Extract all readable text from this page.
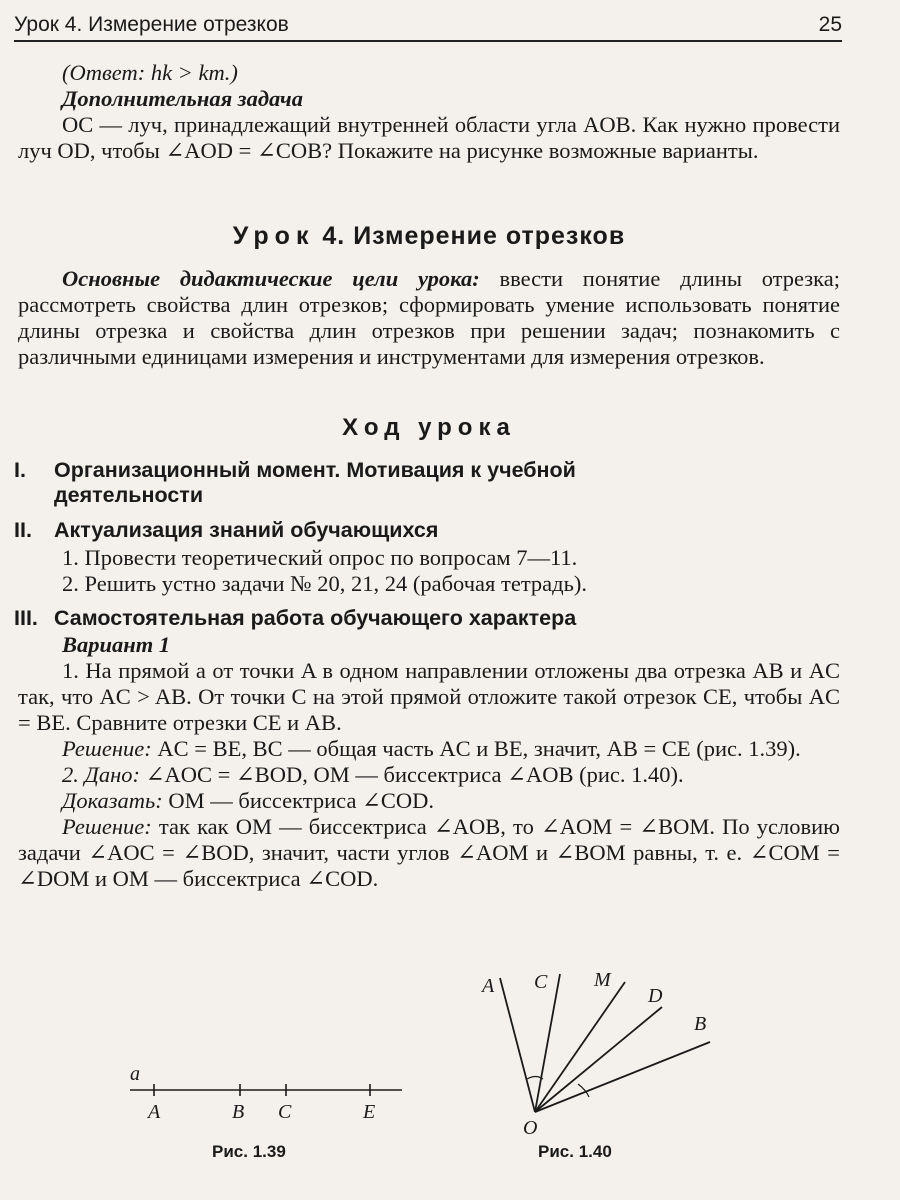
Урок 4. Измерение отрезков	25
(Ответ: hk > km.)
Дополнительная задача
OC — луч, принадлежащий внутренней области угла AOB. Как нужно провести луч OD, чтобы ∠AOD = ∠COB? Покажите на рисунке возможные варианты.
Урок 4. Измерение отрезков
Основные дидактические цели урока: ввести понятие длины отрезка; рассмотреть свойства длин отрезков; сформировать умение использовать понятие длины отрезка и свойства длин отрезков при решении задач; познакомить с различными единицами измерения и инструментами для измерения отрезков.
Ход урока
I. Организационный момент. Мотивация к учебной
деятельности
II. Актуализация знаний обучающихся
1. Провести теоретический опрос по вопросам 7—11.
2. Решить устно задачи № 20, 21, 24 (рабочая тетрадь).
III. Самостоятельная работа обучающего характера
Вариант 1
1. На прямой a от точки A в одном направлении отложены два отрезка AB и AC так, что AC > AB. От точки C на этой прямой отложите такой отрезок CE, чтобы AC = BE. Сравните отрезки CE и AB.
Решение: AC = BE, BC — общая часть AC и BE, значит, AB = CE (рис. 1.39).
2. Дано: ∠AOC = ∠BOD, OM — биссектриса ∠AOB (рис. 1.40).
Доказать: OM — биссектриса ∠COD.
Решение: так как OM — биссектриса ∠AOB, то ∠AOM = ∠BOM. По условию задачи ∠AOC = ∠BOD, значит, части углов ∠AOM и ∠BOM равны, т. е. ∠COM = ∠DOM и OM — биссектриса ∠COD.
a
A	B C	E
Рис. 1.39
A C M
D
B
O
Рис. 1.40
